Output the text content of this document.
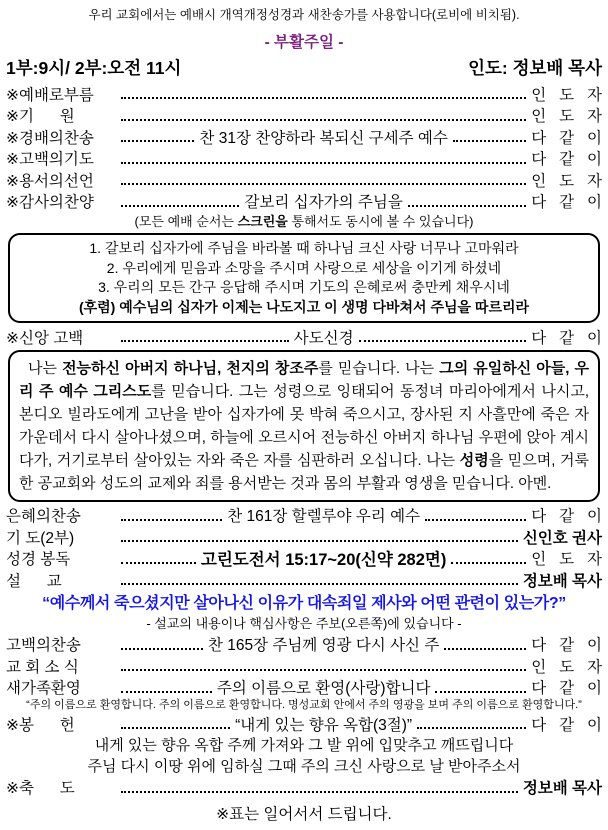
우리 교회에서는 예배시 개역개정성경과 새찬송가를 사용합니다(로비에 비치됨).
- 부활주일 -
1부:9시/ 2부:오전 11시	인도: 정보배 목사
※예배로부름	인   도   자
※기      원	인   도   자
※경배의찬송	찬 31장 찬양하라 복되신 구세주 예수	다   같   이
※고백의기도	다   같   이
※용서의선언	인   도   자
※감사의찬양	갈보리 십자가의 주님을	다   같   이
(모든 예배 순서는 스크린을 통해서도 동시에 볼 수 있습니다)
1. 갈보리 십자가에 주님을 바라볼 때 하나님 크신 사랑 너무나 고마워라
2. 우리에게 믿음과 소망을 주시며 사랑으로 세상을 이기게 하셨네
3. 우리의 모든 간구 응답해 주시며 기도의 은혜로써 충만케 채우시네
(후렴) 예수님의 십자가 이제는 나도지고 이 생명 다바쳐서 주님을 따르리라
※신앙 고백	사도신경	다   같   이

나는 전능하신 아버지 하나님, 천지의 창조주를 믿습니다. 나는 그의 유일하신 아들, 우리 주 예수 그리스도를 믿습니다. 그는 성령으로 잉태되어 동정녀 마리아에게서 나시고, 본디오 빌라도에게 고난을 받아 십자가에 못 박혀 죽으시고, 장사된 지 사흘만에 죽은 자 가운데서 다시 살아나셨으며, 하늘에 오르시어 전능하신 아버지 하나님 우편에 앉아 계시다가, 거기로부터 살아있는 자와 죽은 자를 심판하러 오십니다. 나는 성령을 믿으며, 거룩한 공교회와 성도의 교제와 죄를 용서받는 것과 몸의 부활과 영생을 믿습니다. 아멘.

은혜의찬송	찬 161장 할렐루야 우리 예수	다   같   이
기 도(2부)	신인호 권사
성경 봉독	고린도전서 15:17~20(신약 282면)	인   도   자
설      교	정보배 목사
“예수께서 죽으셨지만 살아나신 이유가 대속죄일 제사와 어떤 관련이 있는가?”
- 설교의 내용이나 핵심사항은 주보(오른쪽)에 있습니다 -
고백의찬송	찬 165장 주님께 영광 다시 사신 주	다   같   이
교 회 소 식	인   도   자
새가족환영	주의 이름으로 환영(사랑)합니다	다   같   이
“주의 이름으로 환영합니다. 주의 이름으로 환영합니다. 명성교회 안에서 주의 영광을 보며 주의 이름으로 환영합니다.”
※봉      헌	“내게 있는 향유 옥합(3절)”	다   같   이
내게 있는 향유 옥합 주께 가져와 그 발 위에 입맞추고 깨뜨립니다
주님 다시 이땅 위에 임하실 그때 주의 크신 사랑으로 날 받아주소서
※축      도	정보배 목사
※표는 일어서서 드립니다.
